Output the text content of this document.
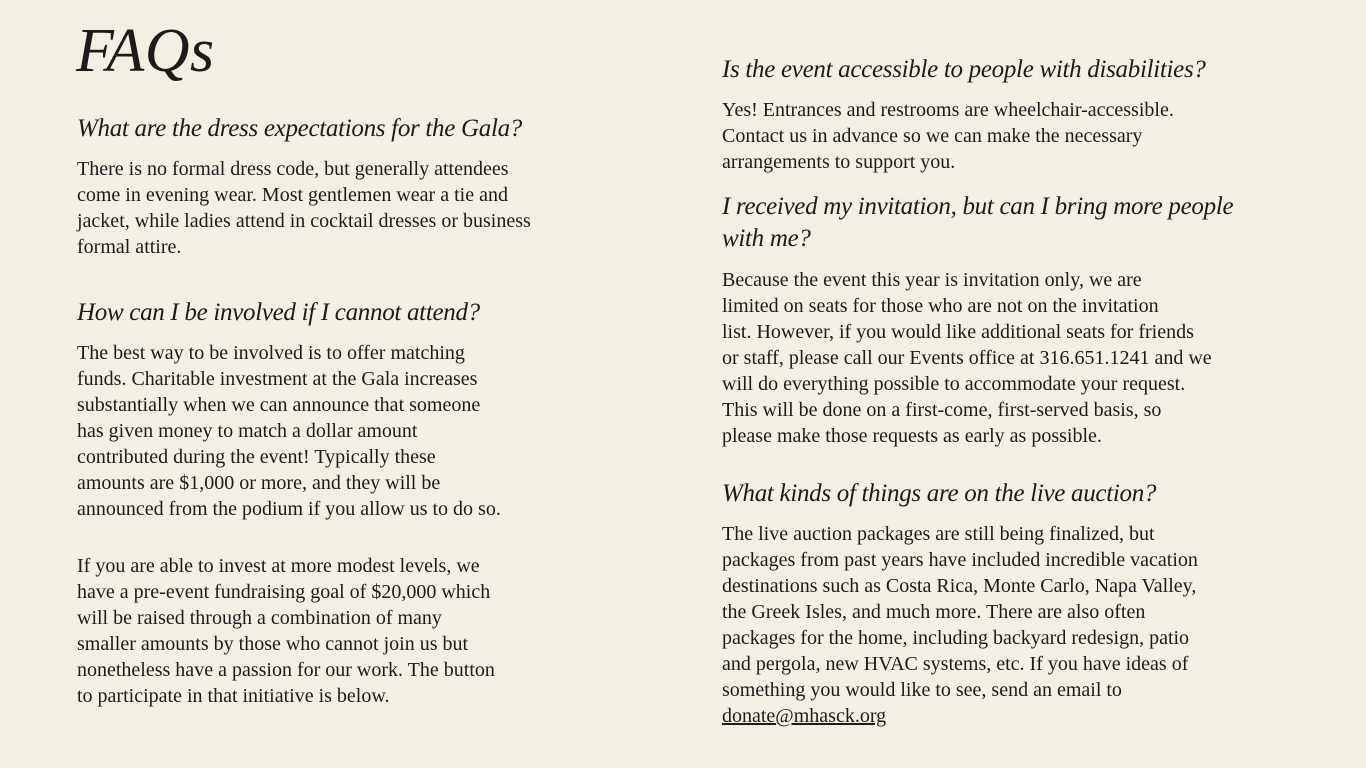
FAQs
What are the dress expectations for the Gala?

There is no formal dress code, but generally attendees
come in evening wear. Most gentlemen wear a tie and
jacket, while ladies attend in cocktail dresses or business
formal attire.

How can I be involved if I cannot attend?

The best way to be involved is to offer matching
funds. Charitable investment at the Gala increases
substantially when we can announce that someone
has given money to match a dollar amount
contributed during the event! Typically these
amounts are $1,000 or more, and they will be
announced from the podium if you allow us to do so.

If you are able to invest at more modest levels, we
have a pre-event fundraising goal of $20,000 which
will be raised through a combination of many
smaller amounts by those who cannot join us but
nonetheless have a passion for our work. The button
to participate in that initiative is below.

Is the event accessible to people with disabilities?

Yes! Entrances and restrooms are wheelchair-accessible.
Contact us in advance so we can make the necessary
arrangements to support you.

I received my invitation, but can I bring more people
with me?

Because the event this year is invitation only, we are
limited on seats for those who are not on the invitation
list. However, if you would like additional seats for friends
or staff, please call our Events office at 316.651.1241 and we
will do everything possible to accommodate your request.
This will be done on a first-come, first-served basis, so
please make those requests as early as possible.

What kinds of things are on the live auction?
The live auction packages are still being finalized, but
packages from past years have included incredible vacation
destinations such as Costa Rica, Monte Carlo, Napa Valley,
the Greek Isles, and much more. There are also often
packages for the home, including backyard redesign, patio
and pergola, new HVAC systems, etc. If you have ideas of
something you would like to see, send an email to
donate@mhasck.org
